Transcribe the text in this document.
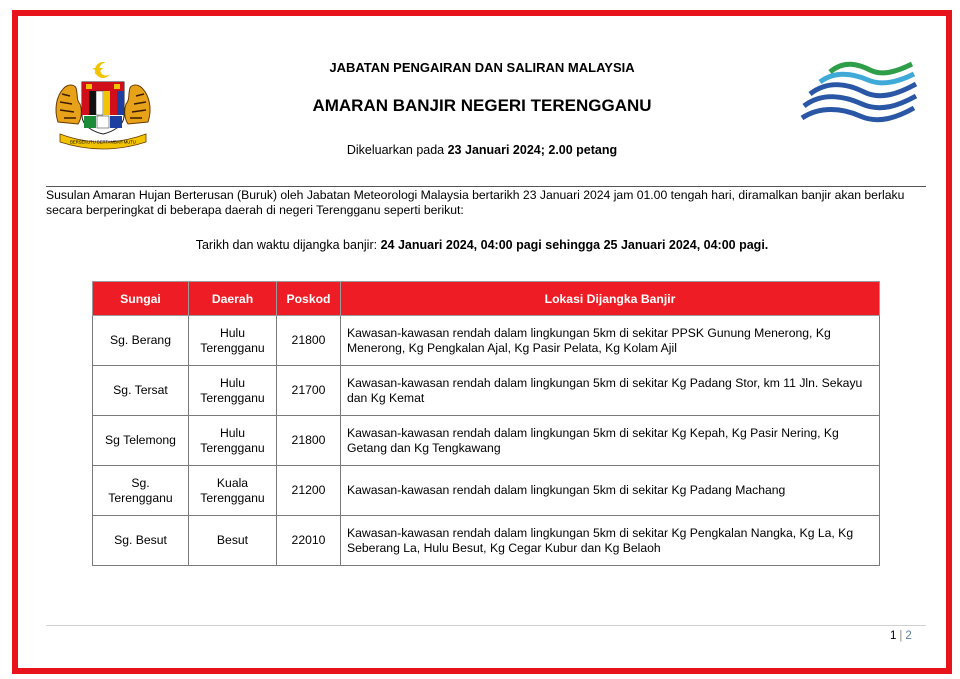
BERSEKUTU BERTAMBAH MUTU
JABATAN PENGAIRAN DAN SALIRAN MALAYSIA
AMARAN BANJIR NEGERI TERENGGANU
Dikeluarkan pada 23 Januari 2024; 2.00 petang
Susulan Amaran Hujan Berterusan (Buruk) oleh Jabatan Meteorologi Malaysia bertarikh 23 Januari 2024 jam 01.00 tengah hari, diramalkan banjir akan berlaku secara berperingkat di beberapa daerah di negeri Terengganu seperti berikut:
Tarikh dan waktu dijangka banjir: 24 Januari 2024, 04:00 pagi sehingga 25 Januari 2024, 04:00 pagi.
Sungai	Daerah	Poskod	Lokasi Dijangka Banjir
Sg. Berang	Hulu Terengganu	21800	Kawasan-kawasan rendah dalam lingkungan 5km di sekitar PPSK Gunung Menerong, Kg Menerong, Kg Pengkalan Ajal, Kg Pasir Pelata, Kg Kolam Ajil
Sg. Tersat	Hulu Terengganu	21700	Kawasan-kawasan rendah dalam lingkungan 5km di sekitar Kg Padang Stor, km 11 Jln. Sekayu dan Kg Kemat
Sg Telemong	Hulu Terengganu	21800	Kawasan-kawasan rendah dalam lingkungan 5km di sekitar Kg Kepah, Kg Pasir Nering, Kg Getang dan Kg Tengkawang
Sg. Terengganu	Kuala Terengganu	21200	Kawasan-kawasan rendah dalam lingkungan 5km di sekitar Kg Padang Machang
Sg. Besut	Besut	22010	Kawasan-kawasan rendah dalam lingkungan 5km di sekitar Kg Pengkalan Nangka, Kg La, Kg Seberang La, Hulu Besut, Kg Cegar Kubur dan Kg Belaoh
1 | 2
